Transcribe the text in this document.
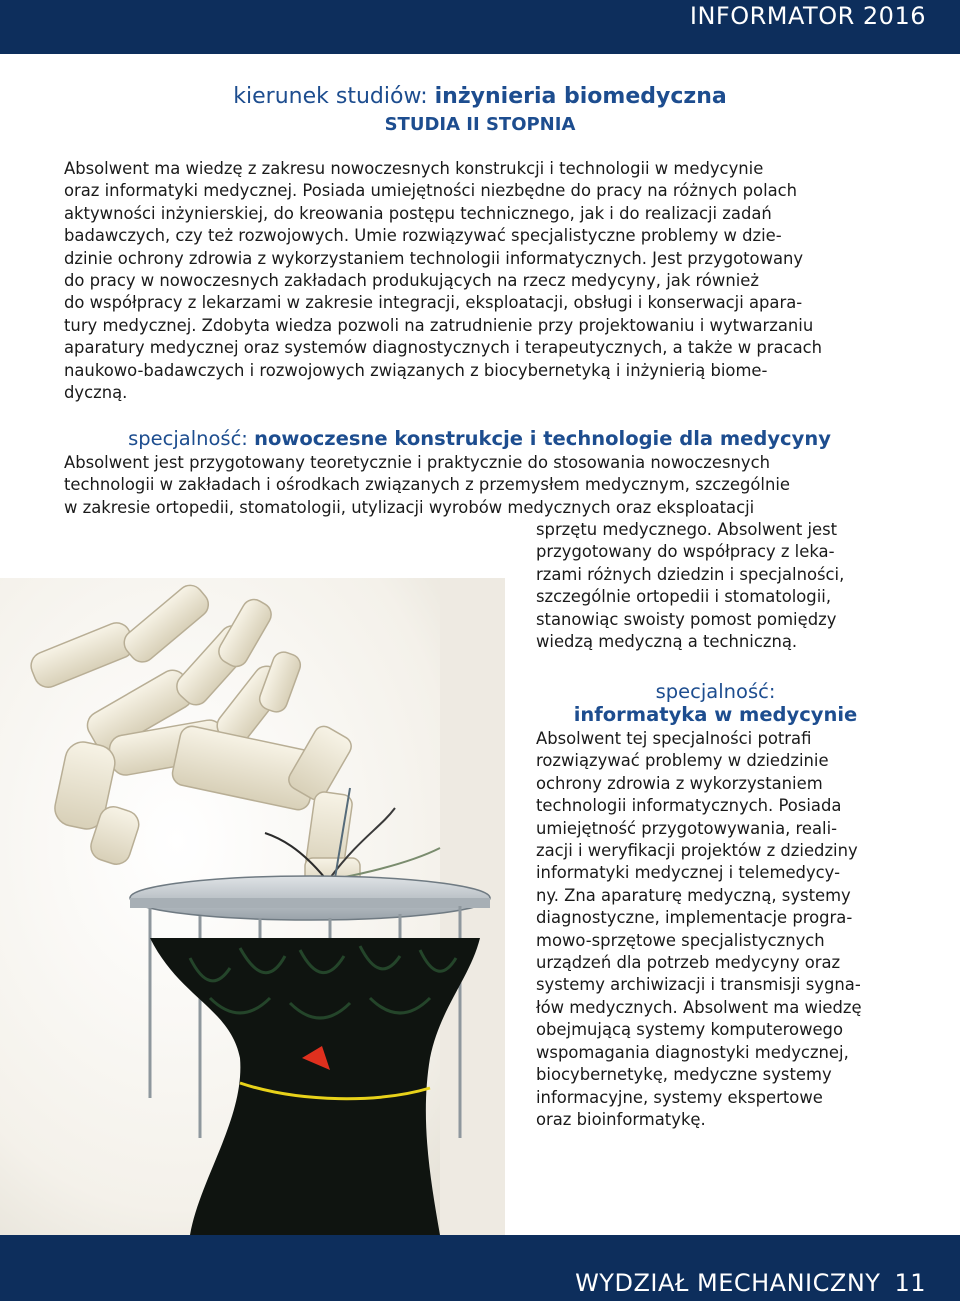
INFORMATOR 2016
kierunek studiów: inżynieria biomedyczna
STUDIA II STOPNIA
Absolwent ma wiedzę z zakresu nowoczesnych konstrukcji i technologii w medycynie
oraz informatyki medycznej. Posiada umiejętności niezbędne do pracy na różnych polach
aktywności inżynierskiej, do kreowania postępu technicznego, jak i do realizacji zadań
badawczych, czy też rozwojowych. Umie rozwiązywać specjalistyczne problemy w dzie-
dzinie ochrony zdrowia z wykorzystaniem technologii informatycznych. Jest przygotowany
do pracy w nowoczesnych zakładach produkujących na rzecz medycyny, jak również
do współpracy z lekarzami w zakresie integracji, eksploatacji, obsługi i konserwacji apara-
tury medycznej. Zdobyta wiedza pozwoli na zatrudnienie przy projektowaniu i wytwarzaniu
aparatury medycznej oraz systemów diagnostycznych i terapeutycznych, a także w pracach
naukowo-badawczych i rozwojowych związanych z biocybernetyką i inżynierią biome-
dyczną.
specjalność: nowoczesne konstrukcje i technologie dla medycyny
Absolwent jest przygotowany teoretycznie i praktycznie do stosowania nowoczesnych
technologii w zakładach i ośrodkach związanych z przemysłem medycznym, szczególnie
w zakresie ortopedii, stomatologii, utylizacji wyrobów medycznych oraz eksploatacji
sprzętu medycznego. Absolwent jest
przygotowany do współpracy z leka-
rzami różnych dziedzin i specjalności,
szczególnie ortopedii i stomatologii,
stanowiąc swoisty pomost pomiędzy
wiedzą medyczną a techniczną.
specjalność:
informatyka w medycynie
Absolwent tej specjalności potrafi
rozwiązywać problemy w dziedzinie
ochrony zdrowia z wykorzystaniem
technologii informatycznych. Posiada
umiejętność przygotowywania, reali-
zacji i weryfikacji projektów z dziedziny
informatyki medycznej i telemedycy-
ny. Zna aparaturę medyczną, systemy
diagnostyczne, implementacje progra-
mowo-sprzętowe specjalistycznych
urządzeń dla potrzeb medycyny oraz
systemy archiwizacji i transmisji sygna-
łów medycznych. Absolwent ma wiedzę
obejmującą systemy komputerowego
wspomagania diagnostyki medycznej,
biocybernetykę, medyczne systemy
informacyjne, systemy ekspertowe
oraz bioinformatykę.
WYDZIAŁ MECHANICZNY 11
